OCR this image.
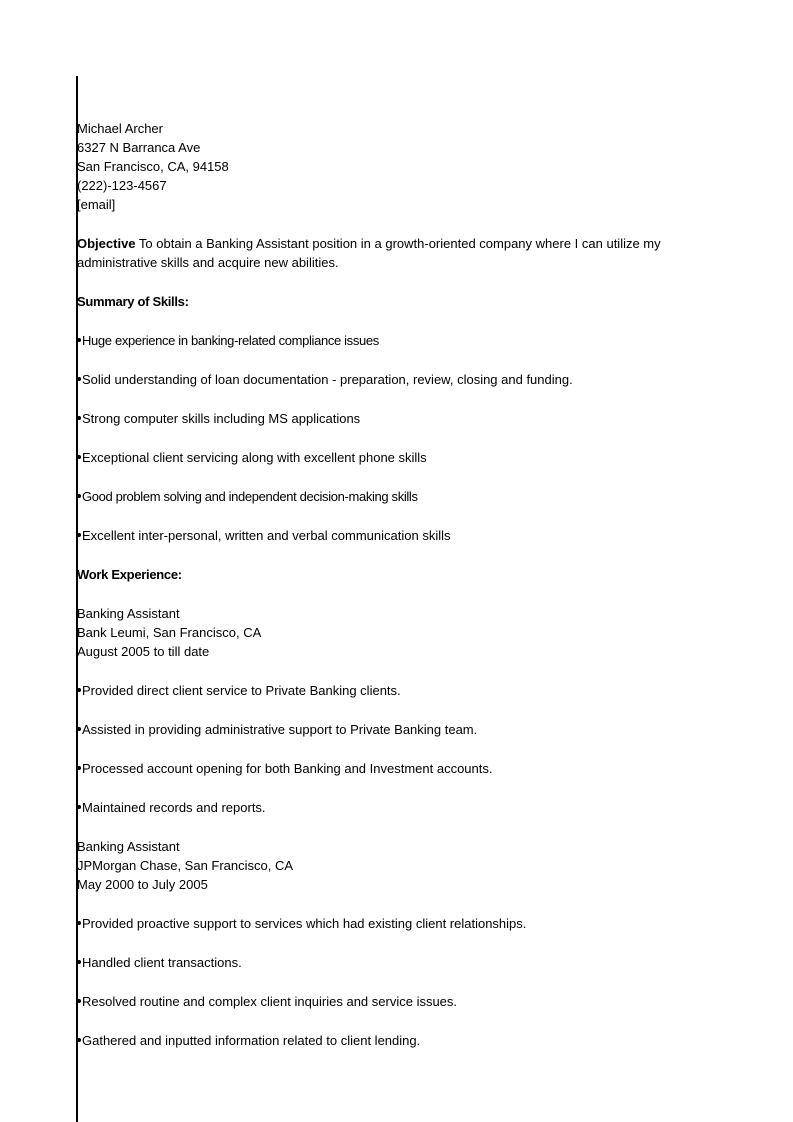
Michael Archer
6327 N Barranca Ave
San Francisco, CA, 94158
(222)-123-4567
[email]
Objective To obtain a Banking Assistant position in a growth-oriented company where I can utilize my administrative skills and acquire new abilities.
Summary of Skills:
Huge experience in banking-related compliance issues
Solid understanding of loan documentation - preparation, review, closing and funding.
Strong computer skills including MS applications
Exceptional client servicing along with excellent phone skills
Good problem solving and independent decision-making skills
Excellent inter-personal, written and verbal communication skills
Work Experience:
Banking Assistant
Bank Leumi, San Francisco, CA
August 2005 to till date
Provided direct client service to Private Banking clients.
Assisted in providing administrative support to Private Banking team.
Processed account opening for both Banking and Investment accounts.
Maintained records and reports.
Banking Assistant
JPMorgan Chase, San Francisco, CA
May 2000 to July 2005
Provided proactive support to services which had existing client relationships.
Handled client transactions.
Resolved routine and complex client inquiries and service issues.
Gathered and inputted information related to client lending.
